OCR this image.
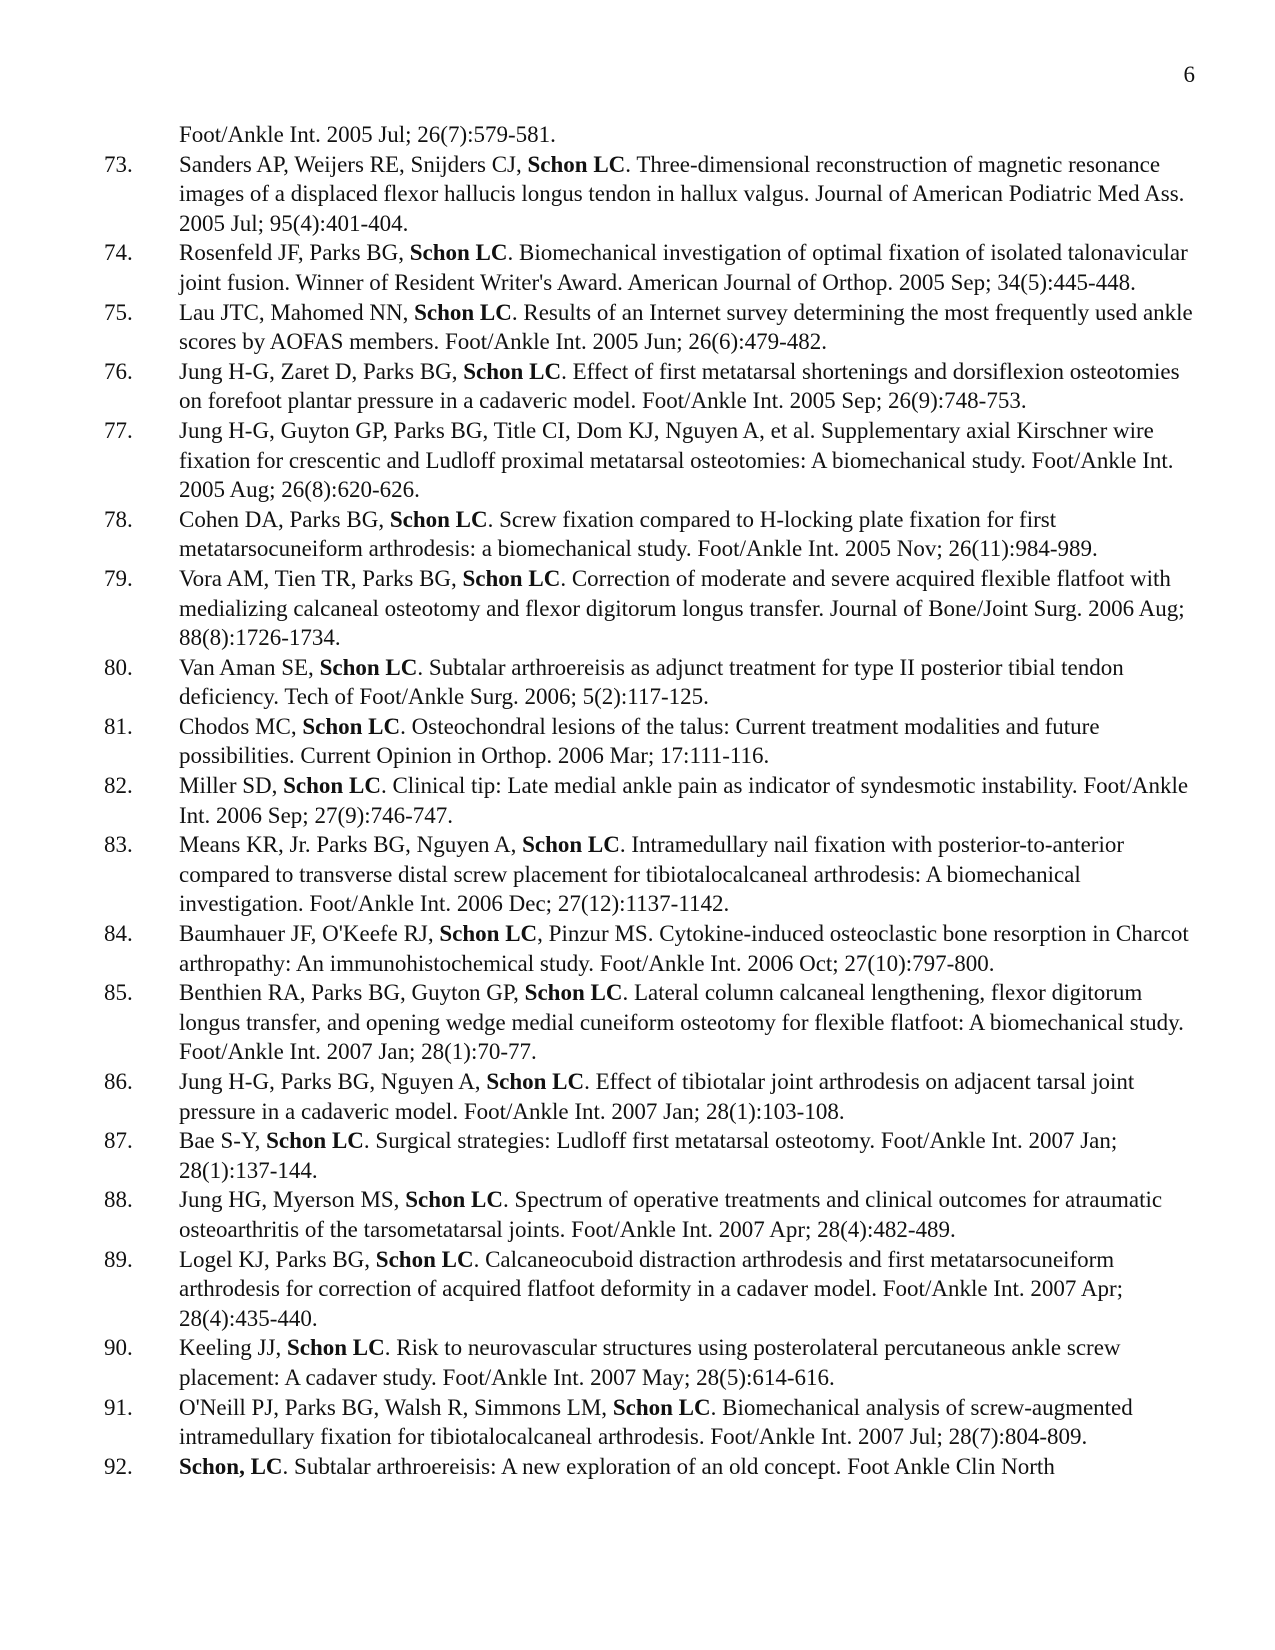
6
Foot/Ankle Int. 2005 Jul; 26(7):579-581.
73. Sanders AP, Weijers RE, Snijders CJ, Schon LC. Three-dimensional reconstruction of magnetic resonance images of a displaced flexor hallucis longus tendon in hallux valgus. Journal of American Podiatric Med Ass. 2005 Jul; 95(4):401-404.
74. Rosenfeld JF, Parks BG, Schon LC. Biomechanical investigation of optimal fixation of isolated talonavicular joint fusion. Winner of Resident Writer's Award. American Journal of Orthop. 2005 Sep; 34(5):445-448.
75. Lau JTC, Mahomed NN, Schon LC. Results of an Internet survey determining the most frequently used ankle scores by AOFAS members. Foot/Ankle Int. 2005 Jun; 26(6):479-482.
76. Jung H-G, Zaret D, Parks BG, Schon LC. Effect of first metatarsal shortenings and dorsiflexion osteotomies on forefoot plantar pressure in a cadaveric model. Foot/Ankle Int. 2005 Sep; 26(9):748-753.
77. Jung H-G, Guyton GP, Parks BG, Title CI, Dom KJ, Nguyen A, et al. Supplementary axial Kirschner wire fixation for crescentic and Ludloff proximal metatarsal osteotomies: A biomechanical study. Foot/Ankle Int. 2005 Aug; 26(8):620-626.
78. Cohen DA, Parks BG, Schon LC. Screw fixation compared to H-locking plate fixation for first metatarsocuneiform arthrodesis: a biomechanical study. Foot/Ankle Int. 2005 Nov; 26(11):984-989.
79. Vora AM, Tien TR, Parks BG, Schon LC. Correction of moderate and severe acquired flexible flatfoot with medializing calcaneal osteotomy and flexor digitorum longus transfer. Journal of Bone/Joint Surg. 2006 Aug; 88(8):1726-1734.
80. Van Aman SE, Schon LC. Subtalar arthroereisis as adjunct treatment for type II posterior tibial tendon deficiency. Tech of Foot/Ankle Surg. 2006; 5(2):117-125.
81. Chodos MC, Schon LC. Osteochondral lesions of the talus: Current treatment modalities and future possibilities. Current Opinion in Orthop. 2006 Mar; 17:111-116.
82. Miller SD, Schon LC. Clinical tip: Late medial ankle pain as indicator of syndesmotic instability. Foot/Ankle Int. 2006 Sep; 27(9):746-747.
83. Means KR, Jr. Parks BG, Nguyen A, Schon LC. Intramedullary nail fixation with posterior-to-anterior compared to transverse distal screw placement for tibiotalocalcaneal arthrodesis: A biomechanical investigation. Foot/Ankle Int. 2006 Dec; 27(12):1137-1142.
84. Baumhauer JF, O'Keefe RJ, Schon LC, Pinzur MS. Cytokine-induced osteoclastic bone resorption in Charcot arthropathy: An immunohistochemical study. Foot/Ankle Int. 2006 Oct; 27(10):797-800.
85. Benthien RA, Parks BG, Guyton GP, Schon LC. Lateral column calcaneal lengthening, flexor digitorum longus transfer, and opening wedge medial cuneiform osteotomy for flexible flatfoot: A biomechanical study. Foot/Ankle Int. 2007 Jan; 28(1):70-77.
86. Jung H-G, Parks BG, Nguyen A, Schon LC. Effect of tibiotalar joint arthrodesis on adjacent tarsal joint pressure in a cadaveric model. Foot/Ankle Int. 2007 Jan; 28(1):103-108.
87. Bae S-Y, Schon LC. Surgical strategies: Ludloff first metatarsal osteotomy. Foot/Ankle Int. 2007 Jan; 28(1):137-144.
88. Jung HG, Myerson MS, Schon LC. Spectrum of operative treatments and clinical outcomes for atraumatic osteoarthritis of the tarsometatarsal joints. Foot/Ankle Int. 2007 Apr; 28(4):482-489.
89. Logel KJ, Parks BG, Schon LC. Calcaneocuboid distraction arthrodesis and first metatarsocuneiform arthrodesis for correction of acquired flatfoot deformity in a cadaver model. Foot/Ankle Int. 2007 Apr; 28(4):435-440.
90. Keeling JJ, Schon LC. Risk to neurovascular structures using posterolateral percutaneous ankle screw placement: A cadaver study. Foot/Ankle Int. 2007 May; 28(5):614-616.
91. O'Neill PJ, Parks BG, Walsh R, Simmons LM, Schon LC. Biomechanical analysis of screw-augmented intramedullary fixation for tibiotalocalcaneal arthrodesis. Foot/Ankle Int. 2007 Jul; 28(7):804-809.
92. Schon, LC. Subtalar arthroereisis: A new exploration of an old concept. Foot Ankle Clin North
